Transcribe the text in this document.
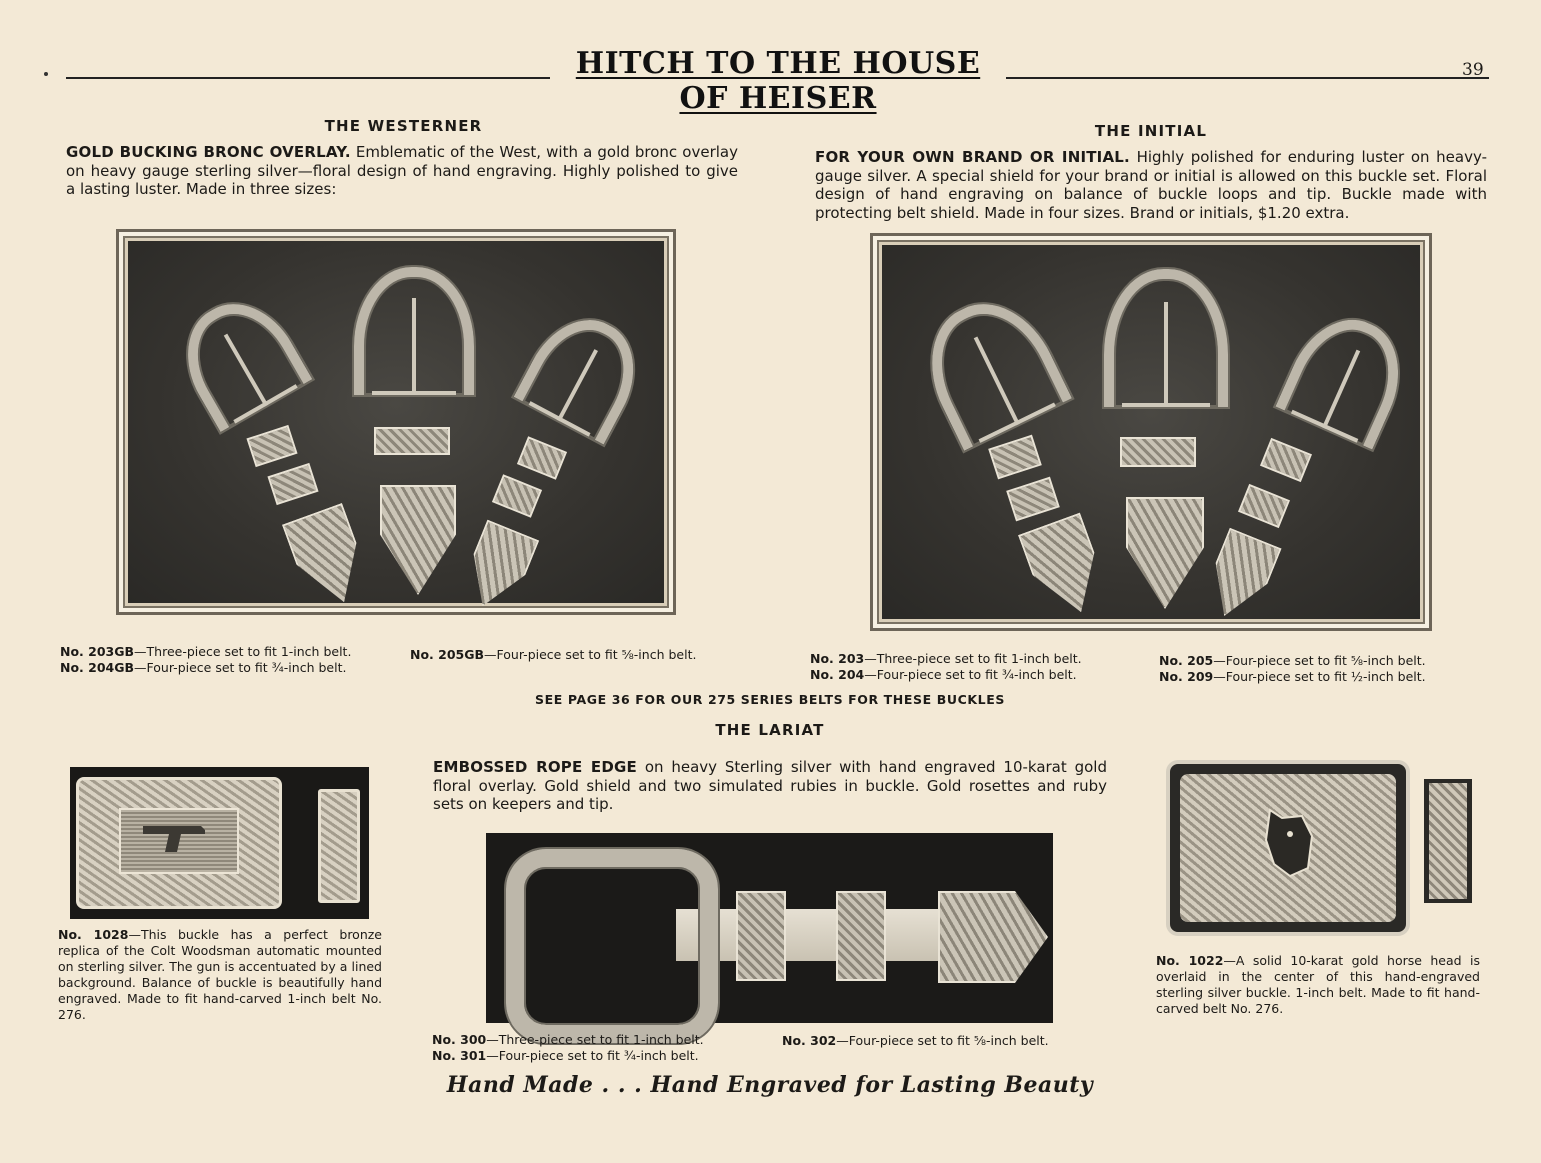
HITCH TO THE HOUSE OF HEISER
39
THE WESTERNER
GOLD BUCKING BRONC OVERLAY. Emblematic of the West, with a gold bronc overlay on heavy gauge sterling silver—floral design of hand engraving. Highly polished to give a lasting luster. Made in three sizes:
No. 203GB—Three-piece set to fit 1-inch belt.
No. 204GB—Four-piece set to fit ¾-inch belt.
No. 205GB—Four-piece set to fit ⅝-inch belt.
THE INITIAL
FOR YOUR OWN BRAND OR INITIAL. Highly polished for enduring luster on heavy-gauge silver. A special shield for your brand or initial is allowed on this buckle set. Floral design of hand engraving on balance of buckle loops and tip. Buckle made with protecting belt shield. Made in four sizes. Brand or initials, $1.20 extra.
No. 203—Three-piece set to fit 1-inch belt.
No. 204—Four-piece set to fit ¾-inch belt.
No. 205—Four-piece set to fit ⅝-inch belt.
No. 209—Four-piece set to fit ½-inch belt.
SEE PAGE 36 FOR OUR 275 SERIES BELTS FOR THESE BUCKLES
THE LARIAT
EMBOSSED ROPE EDGE on heavy Sterling silver with hand engraved 10-karat gold floral overlay. Gold shield and two simulated rubies in buckle. Gold rosettes and ruby sets on keepers and tip.
No. 1028—This buckle has a perfect bronze replica of the Colt Woodsman automatic mounted on sterling silver. The gun is accentuated by a lined background. Balance of buckle is beautifully hand engraved. Made to fit hand-carved 1-inch belt No. 276.
No. 300—Three-piece set to fit 1-inch belt.
No. 301—Four-piece set to fit ¾-inch belt.
No. 302—Four-piece set to fit ⅝-inch belt.
No. 1022—A solid 10-karat gold horse head is overlaid in the center of this hand-engraved sterling silver buckle. 1-inch belt. Made to fit hand-carved belt No. 276.
Hand Made . . . Hand Engraved for Lasting Beauty
